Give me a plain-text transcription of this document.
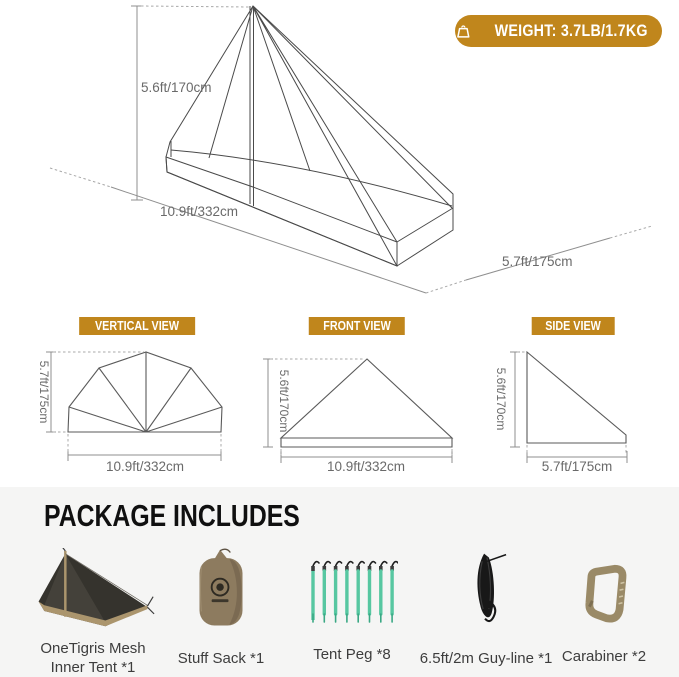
5.6ft/170cm
10.9ft/332cm
5.7ft/175cm
5.7ft/175cm
10.9ft/332cm
5.6ft/170cm
10.9ft/332cm
5.6ft/170cm
5.7ft/175cm
WEIGHT: 3.7LB/1.7KG
VERTICAL VIEW	FRONT VIEW	SIDE VIEW
PACKAGE INCLUDES
OneTigris Mesh
Inner Tent *1
Stuff Sack *1	Tent Peg *8 6.5ft/2m Guy-line *1 Carabiner *2
